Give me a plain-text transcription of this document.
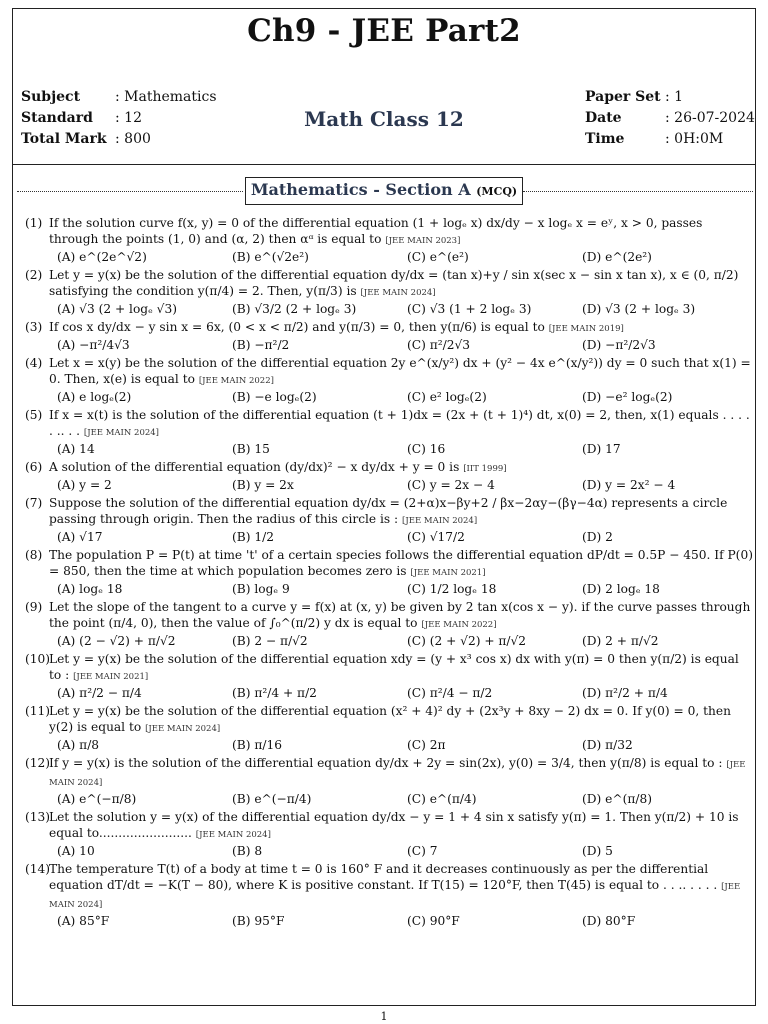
Ch9 - JEE Part2
Subject : Mathematics
Standard : 12
Total Mark : 800
Math Class 12
Paper Set : 1
Date	: 26-07-2024
Time	: 0H:0M
Mathematics - Section A (MCQ)
(1) If the solution curve f(x, y) = 0 of the differential equation (1 + logₑ x) dx/dy − x logₑ x = eʸ, x > 0, passes through the points (1, 0) and (α, 2) then αᵅ is equal to [JEE MAIN 2023]
(A) e^(2e^√2)	(B) e^(√2e²)	(C) e^(e²)	(D) e^(2e²)
(2) Let y = y(x) be the solution of the differential equation dy/dx = (tan x)+y / sin x(sec x − sin x tan x), x ∈ (0, π/2) satisfying the condition y(π/4) = 2. Then, y(π/3) is [JEE MAIN 2024]
(A) √3 (2 + logₑ √3)	(B) √3/2 (2 + logₑ 3)	(C) √3 (1 + 2 logₑ 3)	(D) √3 (2 + logₑ 3)
(3) If cos x dy/dx − y sin x = 6x, (0 < x < π/2) and y(π/3) = 0, then y(π/6) is equal to [JEE MAIN 2019]
(A) −π²/4√3	(B) −π²/2	(C) π²/2√3	(D) −π²/2√3
(4) Let x = x(y) be the solution of the differential equation 2y e^(x/y²) dx + (y² − 4x e^(x/y²)) dy = 0 such that x(1) = 0. Then, x(e) is equal to [JEE MAIN 2022]
(A) e logₑ(2)	(B) −e logₑ(2)	(C) e² logₑ(2)	(D) −e² logₑ(2)
(5) If x = x(t) is the solution of the differential equation (t + 1)dx = (2x + (t + 1)⁴) dt, x(0) = 2, then, x(1) equals . . . . . .. . . [JEE MAIN 2024]
(A) 14	(B) 15	(C) 16	(D) 17
(6) A solution of the differential equation (dy/dx)² − x dy/dx + y = 0 is [IIT 1999]
(A) y = 2	(B) y = 2x	(C) y = 2x − 4	(D) y = 2x² − 4
(7) Suppose the solution of the differential equation dy/dx = (2+α)x−βy+2 / βx−2αy−(βγ−4α) represents a circle passing through origin. Then the radius of this circle is : [JEE MAIN 2024]
(A) √17	(B) 1/2	(C) √17/2	(D) 2
(8) The population P = P(t) at time 't' of a certain species follows the differential equation dP/dt = 0.5P − 450. If P(0) = 850, then the time at which population becomes zero is [JEE MAIN 2021]
(A) logₑ 18	(B) logₑ 9	(C) 1/2 logₑ 18	(D) 2 logₑ 18
(9) Let the slope of the tangent to a curve y = f(x) at (x, y) be given by 2 tan x(cos x − y). if the curve passes through the point (π/4, 0), then the value of ∫₀^(π/2) y dx is equal to [JEE MAIN 2022]
(A) (2 − √2) + π/√2	(B) 2 − π/√2	(C) (2 + √2) + π/√2	(D) 2 + π/√2
(10)
Let y = y(x) be the solution of the differential equation xdy = (y + x³ cos x) dx with y(π) = 0 then y(π/2) is equal to : [JEE MAIN 2021]
(A) π²/2 − π/4	(B) π²/4 + π/2	(C) π²/4 − π/2	(D) π²/2 + π/4
(11)
Let y = y(x) be the solution of the differential equation (x² + 4)² dy + (2x³y + 8xy − 2) dx = 0. If y(0) = 0, then y(2) is equal to [JEE MAIN 2024]
(A) π/8	(B) π/16	(C) 2π	(D) π/32
(12)
If y = y(x) is the solution of the differential equation dy/dx + 2y = sin(2x), y(0) = 3/4, then y(π/8) is equal to : [JEE MAIN 2024]
(A) e^(−π/8)	(B) e^(−π/4)	(C) e^(π/4)	(D) e^(π/8)
(13)
Let the solution y = y(x) of the differential equation dy/dx − y = 1 + 4 sin x satisfy y(π) = 1. Then y(π/2) + 10 is equal to........................ [JEE MAIN 2024]
(A) 10	(B) 8	(C) 7	(D) 5
(14)
The temperature T(t) of a body at time t = 0 is 160° F and it decreases continuously as per the differential equation dT/dt = −K(T − 80), where K is positive constant. If T(15) = 120°F, then T(45) is equal to . . .. . . . . [JEE MAIN 2024]
(A) 85°F	(B) 95°F	(C) 90°F	(D) 80°F
1
